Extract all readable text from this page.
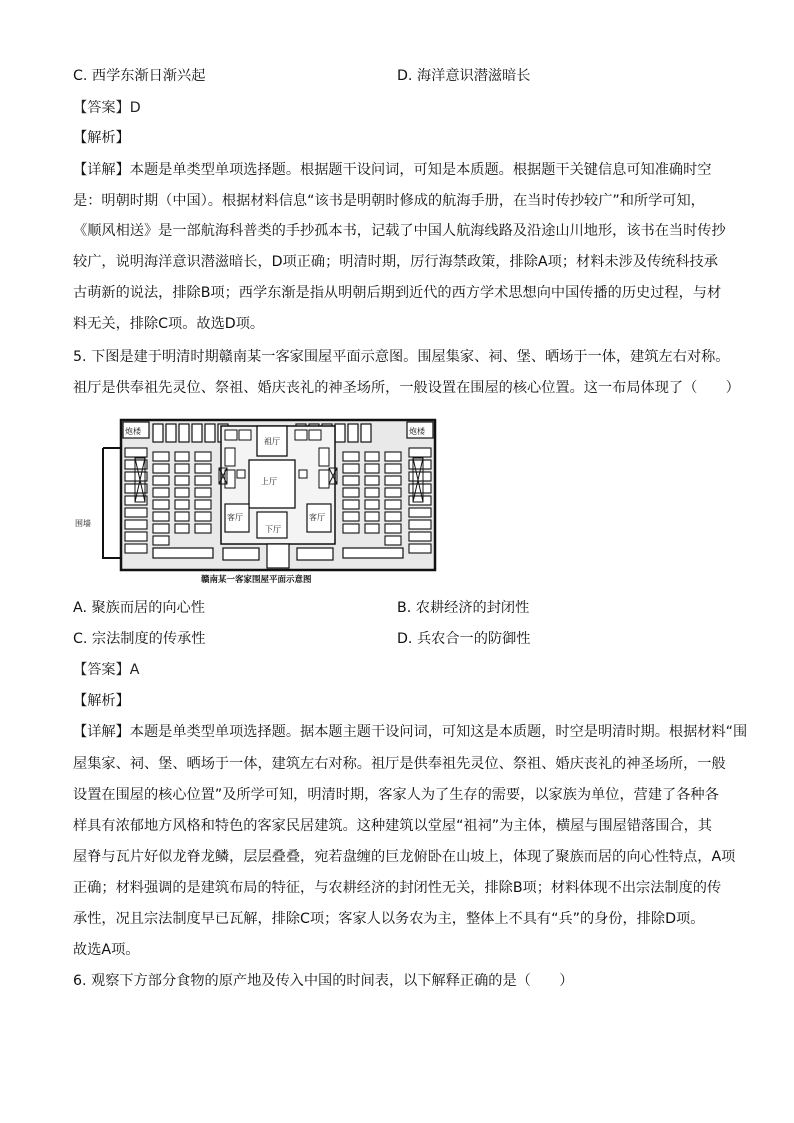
C. 西学东渐日渐兴起	D. 海洋意识潜滋暗长
【答案】D
【解析】
【详解】本题是单类型单项选择题。根据题干设问词，可知是本质题。根据题干关键信息可知准确时空
是：明朝时期（中国）。根据材料信息“该书是明朝时修成的航海手册，在当时传抄较广”和所学可知，
《顺风相送》是一部航海科普类的手抄孤本书，记载了中国人航海线路及沿途山川地形，该书在当时传抄
较广，说明海洋意识潜滋暗长，D项正确；明清时期，厉行海禁政策，排除A项；材料未涉及传统科技承
古萌新的说法，排除B项；西学东渐是指从明朝后期到近代的西方学术思想向中国传播的历史过程，与材
料无关，排除C项。故选D项。
5. 下图是建于明清时期赣南某一客家围屋平面示意图。围屋集家、祠、堡、晒场于一体，建筑左右对称。
祖厅是供奉祖先灵位、祭祖、婚庆丧礼的神圣场所，一般设置在围屋的核心位置。这一布局体现了（　　）
炮楼	炮楼
围墙
祖厅
上厅
客厅	客厅
下厅
赣南某一客家围屋平面示意图
A. 聚族而居的向心性	B. 农耕经济的封闭性
C. 宗法制度的传承性	D. 兵农合一的防御性
【答案】A
【解析】
【详解】本题是单类型单项选择题。据本题主题干设问词，可知这是本质题，时空是明清时期。根据材料“围
屋集家、祠、堡、晒场于一体，建筑左右对称。祖厅是供奉祖先灵位、祭祖、婚庆丧礼的神圣场所，一般
设置在围屋的核心位置”及所学可知，明清时期，客家人为了生存的需要，以家族为单位，营建了各种各
样具有浓郁地方风格和特色的客家民居建筑。这种建筑以堂屋“祖祠”为主体，横屋与围屋错落围合，其
屋脊与瓦片好似龙脊龙鳞，层层叠叠，宛若盘缠的巨龙俯卧在山坡上，体现了聚族而居的向心性特点，A项
正确；材料强调的是建筑布局的特征，与农耕经济的封闭性无关，排除B项；材料体现不出宗法制度的传
承性，况且宗法制度早已瓦解，排除C项；客家人以务农为主，整体上不具有“兵”的身份，排除D项。
故选A项。
6. 观察下方部分食物的原产地及传入中国的时间表，以下解释正确的是（　　）
